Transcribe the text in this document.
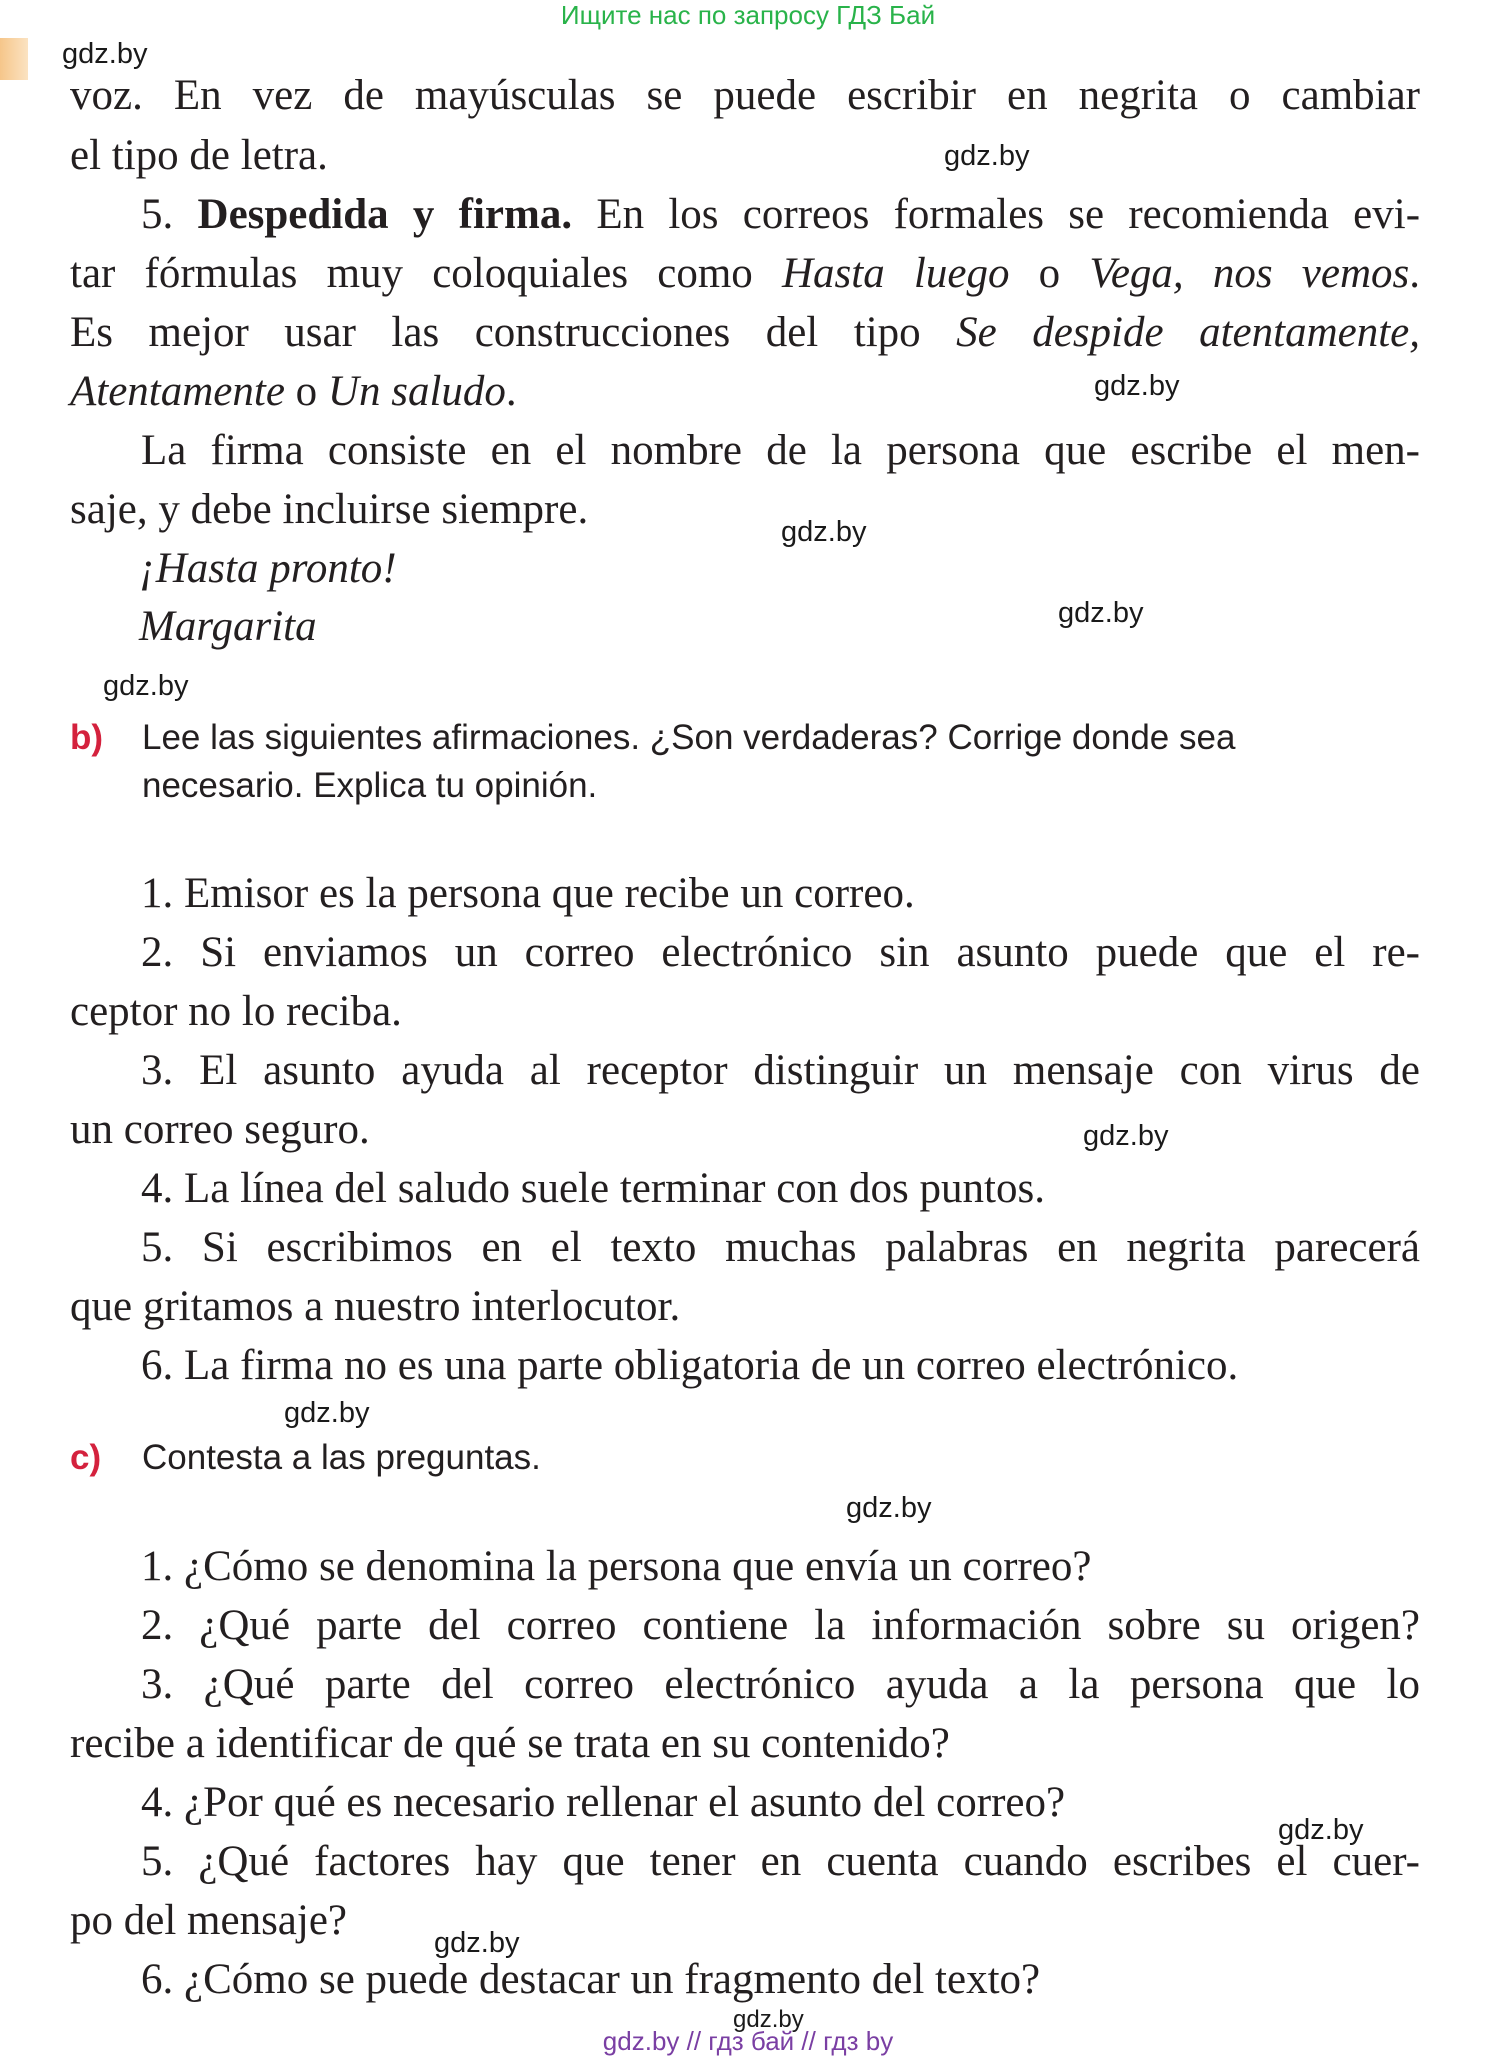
Ищите нас по запросу ГДЗ Бай
voz. En vez de mayúsculas se puede escribir en negrita o cambiar
el tipo de letra.
5. Despedida y firma. En los correos formales se recomienda evi-
tar fórmulas muy coloquiales como Hasta luego o Vega, nos vemos.
Es mejor usar las construcciones del tipo Se despide atentamente,
Atentamente o Un saludo.
La firma consiste en el nombre de la persona que escribe el men-
saje, y debe incluirse siempre.
¡Hasta pronto!
Margarita
b) Lee las siguientes afirmaciones. ¿Son verdaderas? Corrige donde sea
necesario. Explica tu opinión.
1. Emisor es la persona que recibe un correo.
2. Si enviamos un correo electrónico sin asunto puede que el re-
ceptor no lo reciba.
3. El asunto ayuda al receptor distinguir un mensaje con virus de
un correo seguro.
4. La línea del saludo suele terminar con dos puntos.
5. Si escribimos en el texto muchas palabras en negrita parecerá
que gritamos a nuestro interlocutor.
6. La firma no es una parte obligatoria de un correo electrónico.
c) Contesta a las preguntas.
1. ¿Cómo se denomina la persona que envía un correo?
2. ¿Qué parte del correo contiene la información sobre su origen?
3. ¿Qué parte del correo electrónico ayuda a la persona que lo
recibe a identificar de qué se trata en su contenido?
4. ¿Por qué es necesario rellenar el asunto del correo?
5. ¿Qué factores hay que tener en cuenta cuando escribes el cuer-
po del mensaje?
6. ¿Cómo se puede destacar un fragmento del texto?
gdz.by
gdz.by
gdz.by
gdz.by
gdz.by
gdz.by
gdz.by
gdz.by
gdz.by
gdz.by
gdz.by
gdz.by
gdz.by // гдз бай // гдз by
